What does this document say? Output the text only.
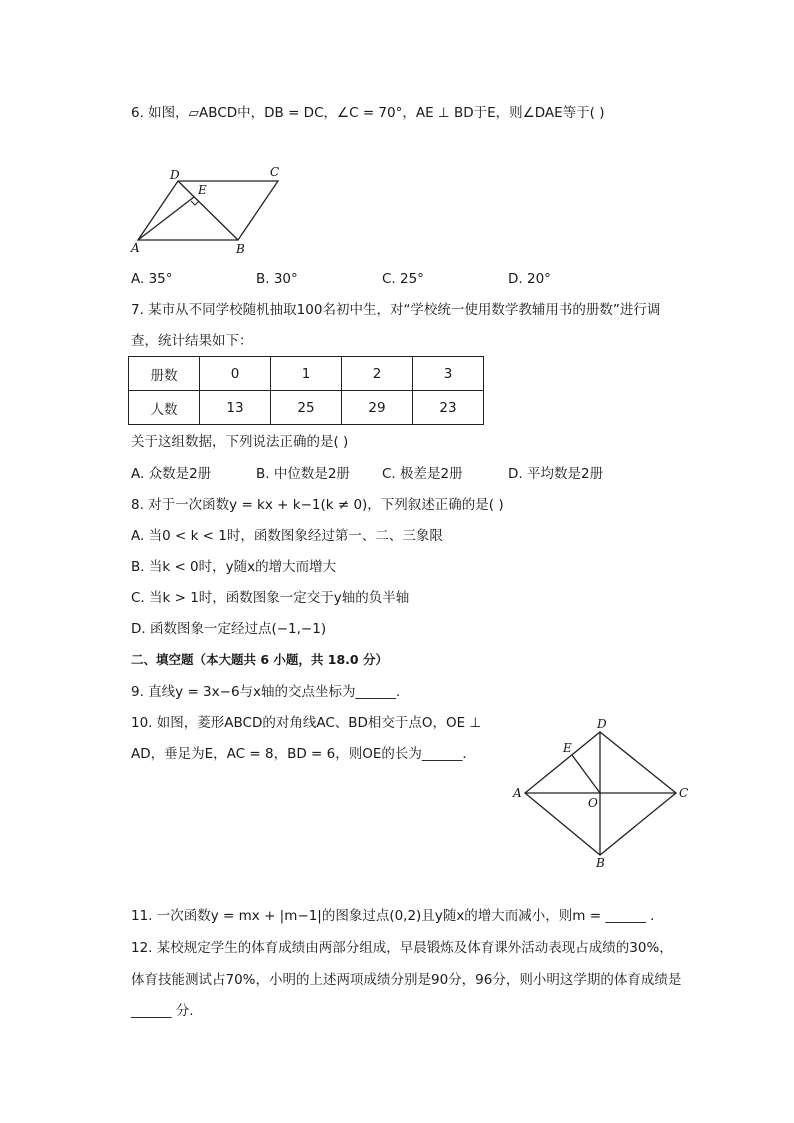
6. 如图，▱ABCD中，DB = DC，∠C = 70°，AE ⊥ BD于E，则∠DAE等于( )
D	C
E
A	B
A. 35°	B. 30°	C. 25°	D. 20°
7. 某市从不同学校随机抽取100名初中生，对“学校统一使用数学教辅用书的册数”进行调
查，统计结果如下：
册数	0	1	2	3
人数	13	25	29	23
关于这组数据，下列说法正确的是( )
A. 众数是2册	B. 中位数是2册 C. 极差是2册	D. 平均数是2册
8. 对于一次函数y = kx + k−1(k ≠ 0)，下列叙述正确的是( )
A. 当0 < k < 1时，函数图象经过第一、二、三象限
B. 当k < 0时，y随x的增大而增大
C. 当k > 1时，函数图象一定交于y轴的负半轴
D. 函数图象一定经过点(−1,−1)
二、填空题（本大题共 6 小题，共 18.0 分）
9. 直线y = 3x−6与x轴的交点坐标为______．
10. 如图，菱形ABCD的对角线AC、BD相交于点O，OE ⊥
AD，垂足为E，AC = 8，BD = 6，则OE的长为______．
D
E
A	C
O
B
11. 一次函数y = mx + |m−1|的图象过点(0,2)且y随x的增大而减小，则m = ______ ．
12. 某校规定学生的体育成绩由两部分组成，早晨锻炼及体育课外活动表现占成绩的30%，
体育技能测试占70%，小明的上述两项成绩分别是90分，96分，则小明这学期的体育成绩是
______ 分.
